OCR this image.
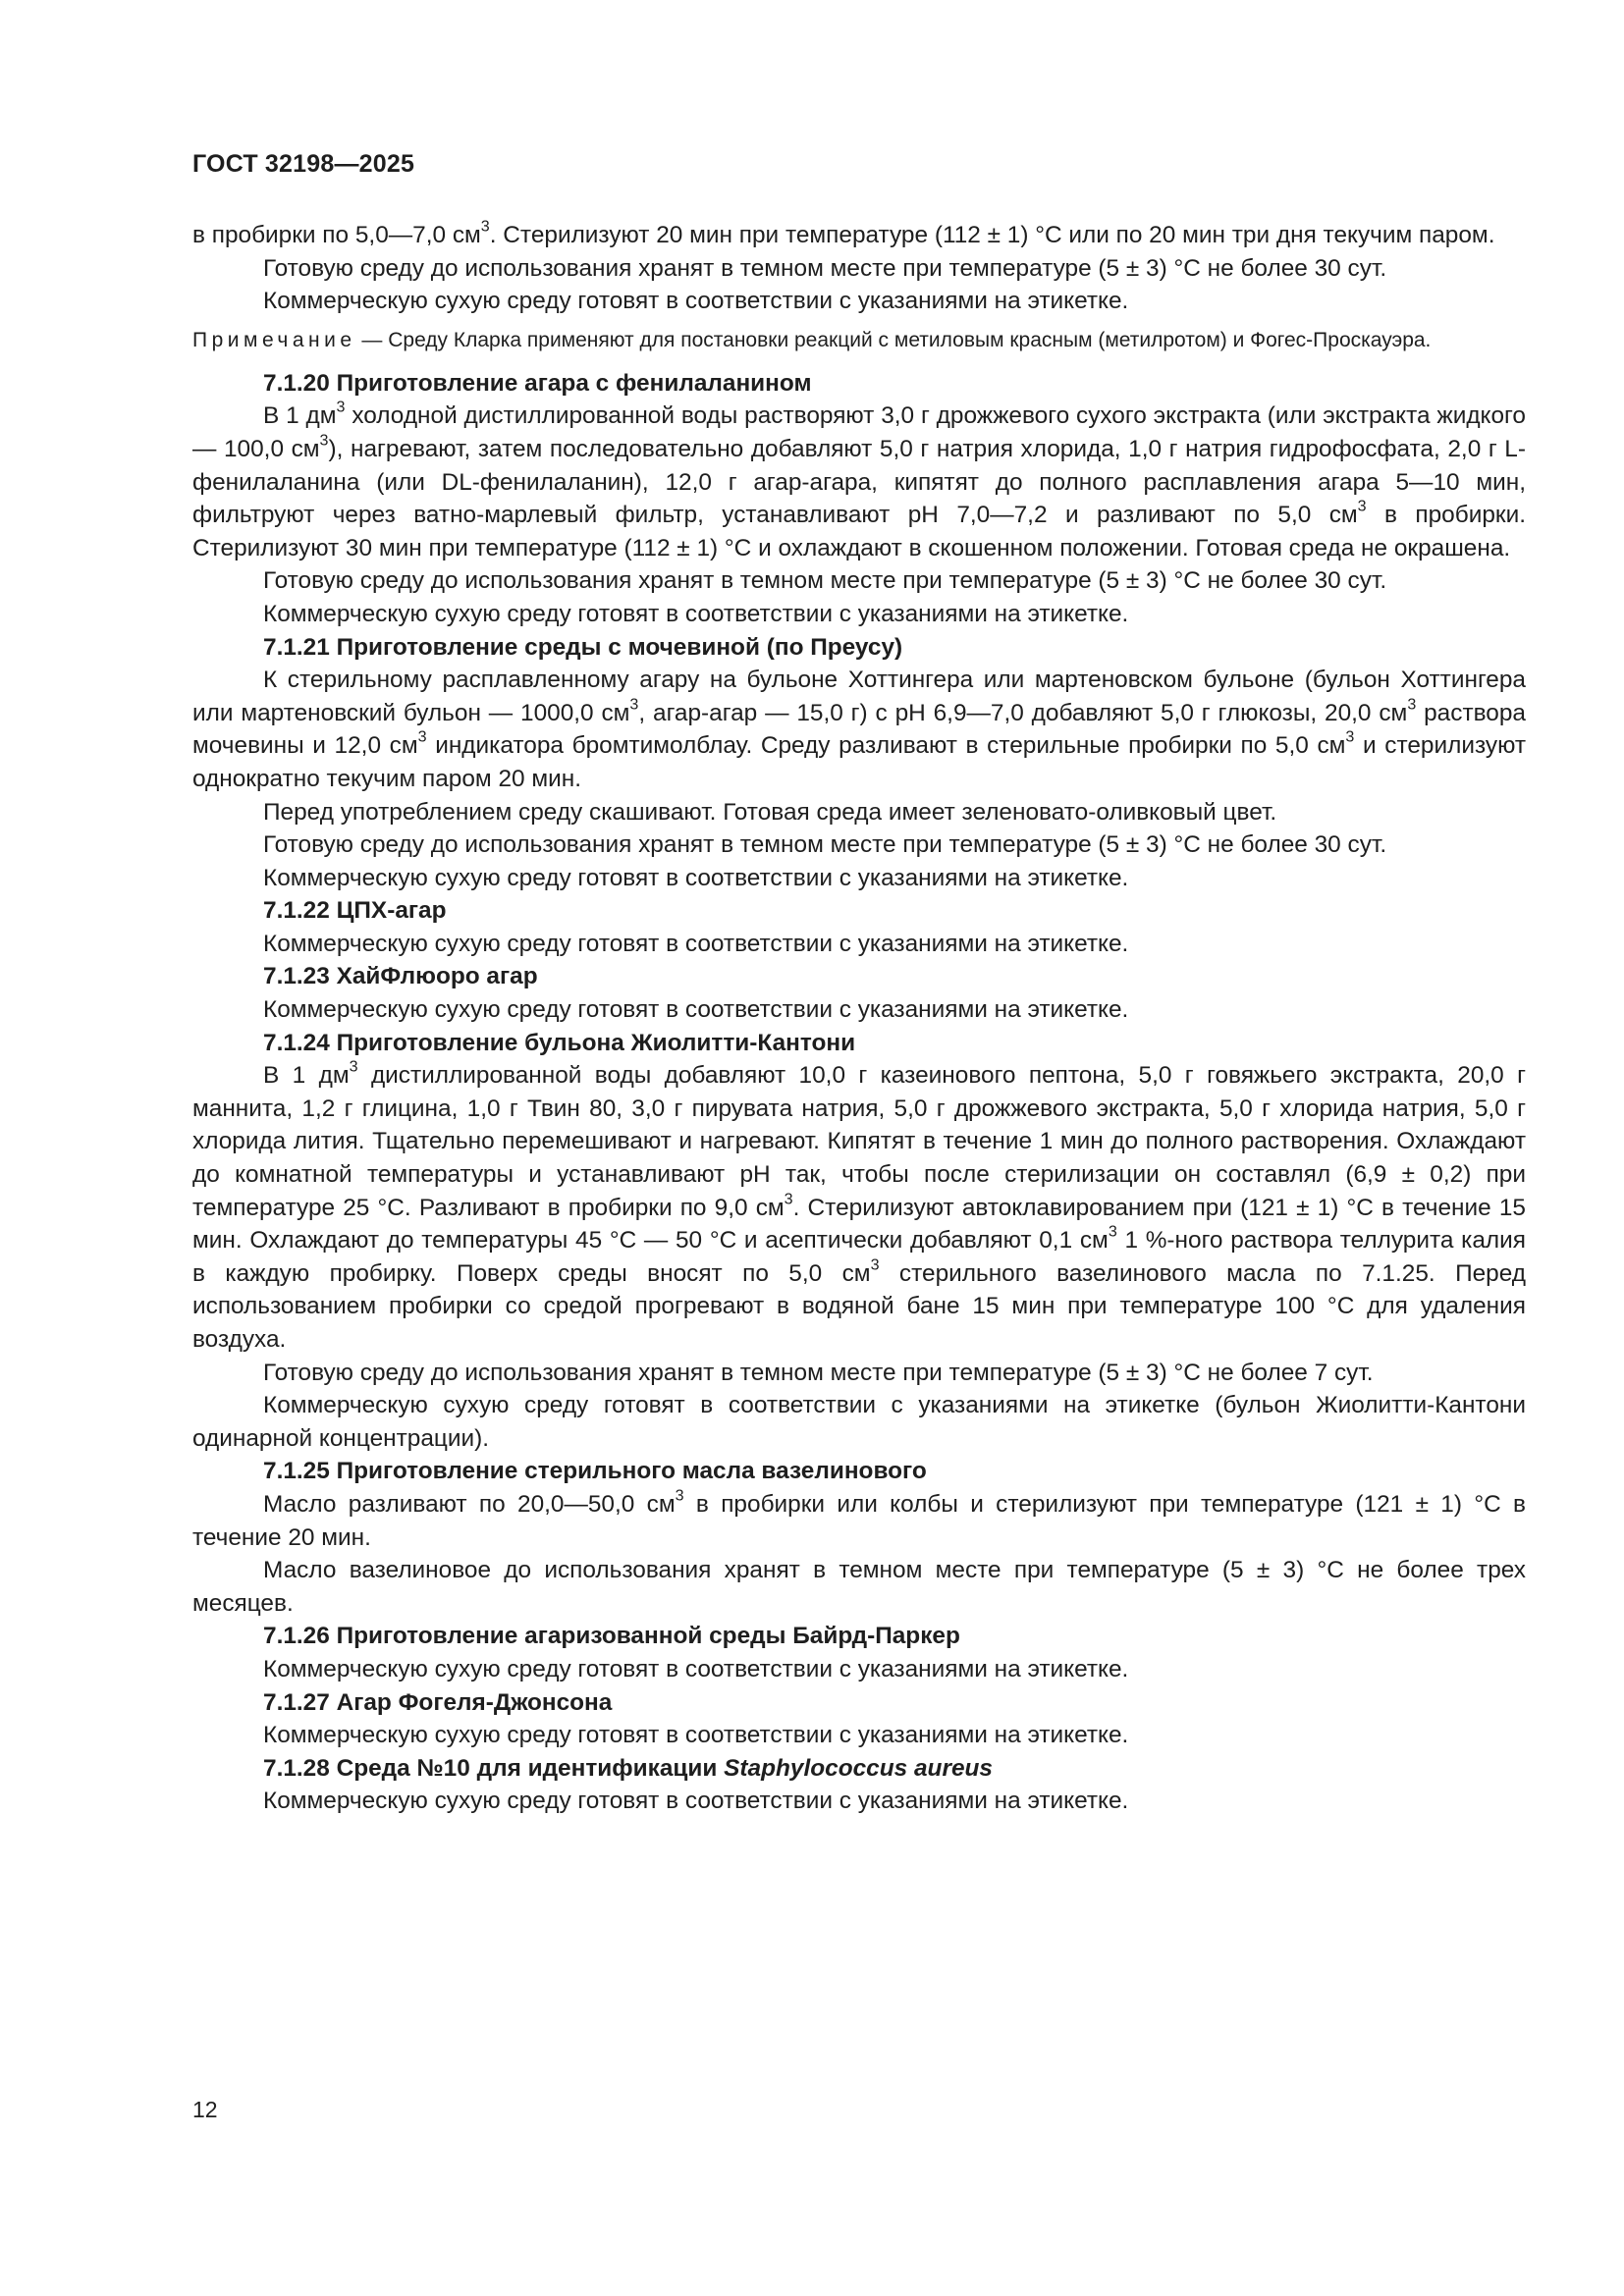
ГОСТ 32198—2025

в пробирки по 5,0—7,0 $см^3$. Стерилизуют 20 мин при температуре (112 ± 1) °С или по 20 мин три дня текучим паром.

Готовую среду до использования хранят в темном месте при температуре (5 ± 3) °С не более 30 сут.

Коммерческую сухую среду готовят в соответствии с указаниями на этикетке.

Примечание — Среду Кларка применяют для постановки реакций с метиловым красным (метилротом) и Фогес-Проскауэра.

7.1.20 Приготовление агара с фенилаланином

В 1 $дм^3$ холодной дистиллированной воды растворяют 3,0 г дрожжевого сухого экстракта (или экстракта жидкого — 100,0 $см^3$), нагревают, затем последовательно добавляют 5,0 г натрия хлорида, 1,0 г натрия гидрофосфата, 2,0 г L-фенилаланина (или DL-фенилаланин), 12,0 г агар-агара, кипятят до полного расплавления агара 5—10 мин, фильтруют через ватно-марлевый фильтр, устанавливают рН 7,0—7,2 и разливают по 5,0 $см^3$ в пробирки. Стерилизуют 30 мин при температуре (112 ± 1) °С и охлаждают в скошенном положении. Готовая среда не окрашена.

Готовую среду до использования хранят в темном месте при температуре (5 ± 3) °С не более 30 сут.

Коммерческую сухую среду готовят в соответствии с указаниями на этикетке.

7.1.21 Приготовление среды с мочевиной (по Преусу)

К стерильному расплавленному агару на бульоне Хоттингера или мартеновском бульоне (бульон Хоттингера или мартеновский бульон — 1000,0 $см^3$, агар-агар — 15,0 г) с рН 6,9—7,0 добавляют 5,0 г глюкозы, 20,0 $см^3$ раствора мочевины и 12,0 $см^3$ индикатора бромтимолблау. Среду разливают в стерильные пробирки по 5,0 $см^3$ и стерилизуют однократно текучим паром 20 мин.

Перед употреблением среду скашивают. Готовая среда имеет зеленовато-оливковый цвет.

Готовую среду до использования хранят в темном месте при температуре (5 ± 3) °С не более 30 сут.

Коммерческую сухую среду готовят в соответствии с указаниями на этикетке.

7.1.22 ЦПХ-агар

Коммерческую сухую среду готовят в соответствии с указаниями на этикетке.

7.1.23 ХайФлюоро агар

Коммерческую сухую среду готовят в соответствии с указаниями на этикетке.

7.1.24 Приготовление бульона Жиолитти-Кантони

В 1 $дм^3$ дистиллированной воды добавляют 10,0 г казеинового пептона, 5,0 г говяжьего экстракта, 20,0 г маннита, 1,2 г глицина, 1,0 г Твин 80, 3,0 г пирувата натрия, 5,0 г дрожжевого экстракта, 5,0 г хлорида натрия, 5,0 г хлорида лития. Тщательно перемешивают и нагревают. Кипятят в течение 1 мин до полного растворения. Охлаждают до комнатной температуры и устанавливают рН так, чтобы после стерилизации он составлял (6,9 ± 0,2) при температуре 25 °С. Разливают в пробирки по 9,0 $см^3$. Стерилизуют автоклавированием при (121 ± 1) °С в течение 15 мин. Охлаждают до температуры 45 °С — 50 °С и асептически добавляют 0,1 $см^3$ 1 %-ного раствора теллурита калия в каждую пробирку. Поверх среды вносят по 5,0 $см^3$ стерильного вазелинового масла по 7.1.25. Перед использованием пробирки со средой прогревают в водяной бане 15 мин при температуре 100 °С для удаления воздуха.

Готовую среду до использования хранят в темном месте при температуре (5 ± 3) °С не более 7 сут.

Коммерческую сухую среду готовят в соответствии с указаниями на этикетке (бульон Жиолитти-Кантони одинарной концентрации).

7.1.25 Приготовление стерильного масла вазелинового

Масло разливают по 20,0—50,0 $см^3$ в пробирки или колбы и стерилизуют при температуре (121 ± 1) °С в течение 20 мин.

Масло вазелиновое до использования хранят в темном месте при температуре (5 ± 3) °С не более трех месяцев.

7.1.26 Приготовление агаризованной среды Байрд-Паркер

Коммерческую сухую среду готовят в соответствии с указаниями на этикетке.

7.1.27 Агар Фогеля-Джонсона

Коммерческую сухую среду готовят в соответствии с указаниями на этикетке.

7.1.28 Среда №10 для идентификации Staphylococcus aureus

Коммерческую сухую среду готовят в соответствии с указаниями на этикетке.

12
